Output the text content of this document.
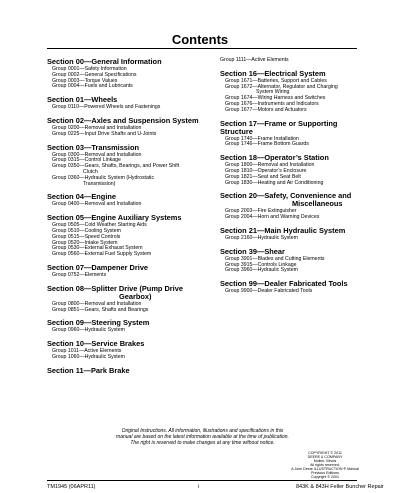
Contents
Section 00—General Information
Group 0001—Safety Information
Group 0002—General Specifications
Group 0003—Torque Values
Group 0004—Fuels and Lubricants
Section 01—Wheels
Group 0110—Powered Wheels and Fastenings
Section 02—Axles and Suspension System
Group 0200—Removal and Installation
Group 0225—Input Drive Shafts and U-Joints
Section 03—Transmission
Group 0300—Removal and Installation
Group 0315—Control Linkage
Group 0350—Gears, Shafts, Bearings, and Power Shift
Clutch
Group 0360—Hydraulic System (Hydrostatic
Transmission)
Section 04—Engine
Group 0400—Removal and Installation
Section 05—Engine Auxiliary Systems
Group 0505—Cold Weather Starting Aids
Group 0510—Cooling System
Group 0515—Speed Controls
Group 0520—Intake System
Group 0530—External Exhaust System
Group 0560—External Fuel Supply System
Section 07—Dampener Drive
Group 0752—Elements
Section 08—Splitter Drive (Pump Drive
Gearbox)
Group 0800—Removal and Installation
Group 0851—Gears, Shafts and Bearings
Section 09—Steering System
Group 0960—Hydraulic System
Section 10—Service Brakes
Group 1011—Active Elements
Group 1060—Hydraulic System
Section 11—Park Brake
Group 1111—Active Elements
Section 16—Electrical System
Group 1671—Batteries, Support and Cables
Group 1672—Alternator, Regulator and Charging
System Wiring
Group 1674—Wiring Harness and Switches
Group 1676—Instruments and Indicators
Group 1677—Motors and Actuators
Section 17—Frame or Supporting Structure
Group 1740—Frame Installation
Group 1746—Frame Bottom Guards
Section 18—Operator’s Station
Group 1800—Removal and Installation
Group 1810—Operator’s Enclosure
Group 1821—Seat and Seat Belt
Group 1830—Heating and Air Conditioning
Section 20—Safety, Convenience and
Miscellaneous
Group 2003—Fire Extinguisher
Group 2004—Horn and Warning Devices
Section 21—Main Hydraulic System
Group 2160—Hydraulic System
Section 39—Shear
Group 3901—Blades and Cutting Elements
Group 3915—Controls Linkage
Group 3960—Hydraulic System
Section 99—Dealer Fabricated Tools
Group 9900—Dealer Fabricated Tools
Original Instructions. All information, illustrations and specifications in this
manual are based on the latest information available at the time of publication.
The right is reserved to make changes at any time without notice.
COPYRIGHT © 2011
DEERE & COMPANY
Moline, Illinois
All rights reserved.
A John Deere ILLUSTRUCTION ® Manual
Previous Editions
Copyright © 2001
TM1945 (06APR11)	i	843K & 843H Feller Buncher Repair
